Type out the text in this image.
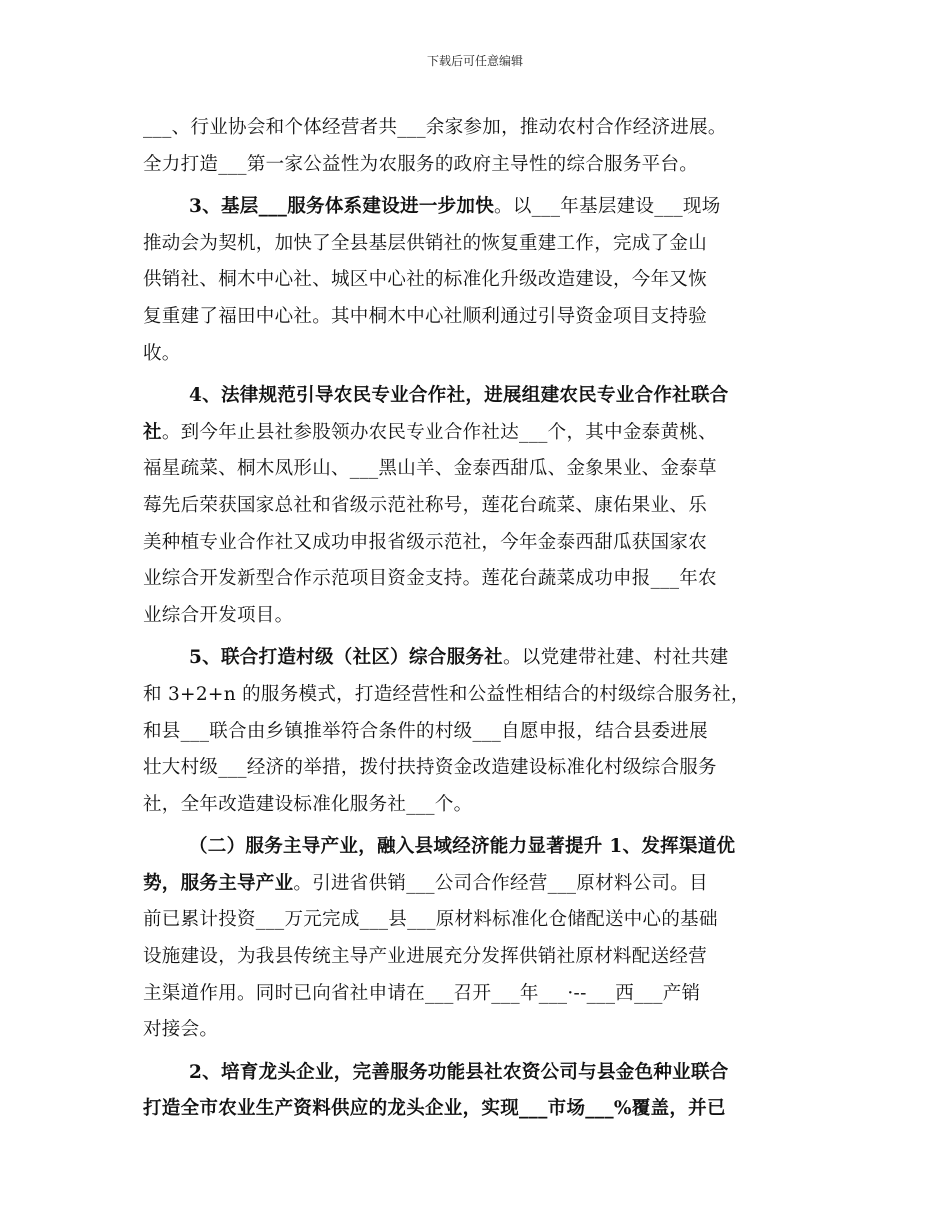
下载后可任意编辑
___、行业协会和个体经营者共___余家参加，推动农村合作经济进展。
全力打造___第一家公益性为农服务的政府主导性的综合服务平台。
3、基层___服务体系建设进一步加快。以___年基层建设___现场
推动会为契机，加快了全县基层供销社的恢复重建工作，完成了金山
供销社、桐木中心社、城区中心社的标准化升级改造建设，今年又恢
复重建了福田中心社。其中桐木中心社顺利通过引导资金项目支持验
收。
4、法律规范引导农民专业合作社，进展组建农民专业合作社联合
社。到今年止县社参股领办农民专业合作社达___个，其中金泰黄桃、
福星疏菜、桐木凤形山、___黑山羊、金泰西甜瓜、金象果业、金泰草
莓先后荣获国家总社和省级示范社称号，莲花台疏菜、康佑果业、乐
美种植专业合作社又成功申报省级示范社，今年金泰西甜瓜获国家农
业综合开发新型合作示范项目资金支持。莲花台蔬菜成功申报___年农
业综合开发项目。
5、联合打造村级（社区）综合服务社。以党建带社建、村社共建
和 3+2+n 的服务模式，打造经营性和公益性相结合的村级综合服务社，
和县___联合由乡镇推举符合条件的村级___自愿申报，结合县委进展
壮大村级___经济的举措，拨付扶持资金改造建设标准化村级综合服务
社，全年改造建设标准化服务社___个。
（二）服务主导产业，融入县域经济能力显著提升 1、发挥渠道优
势，服务主导产业。引进省供销___公司合作经营___原材料公司。目
前已累计投资___万元完成___县___原材料标准化仓储配送中心的基础
设施建设，为我县传统主导产业进展充分发挥供销社原材料配送经营
主渠道作用。同时已向省社申请在___召开___年___·--___西___产销
对接会。
2、培育龙头企业，完善服务功能县社农资公司与县金色种业联合
打造全市农业生产资料供应的龙头企业，实现___市场___%覆盖，并已
